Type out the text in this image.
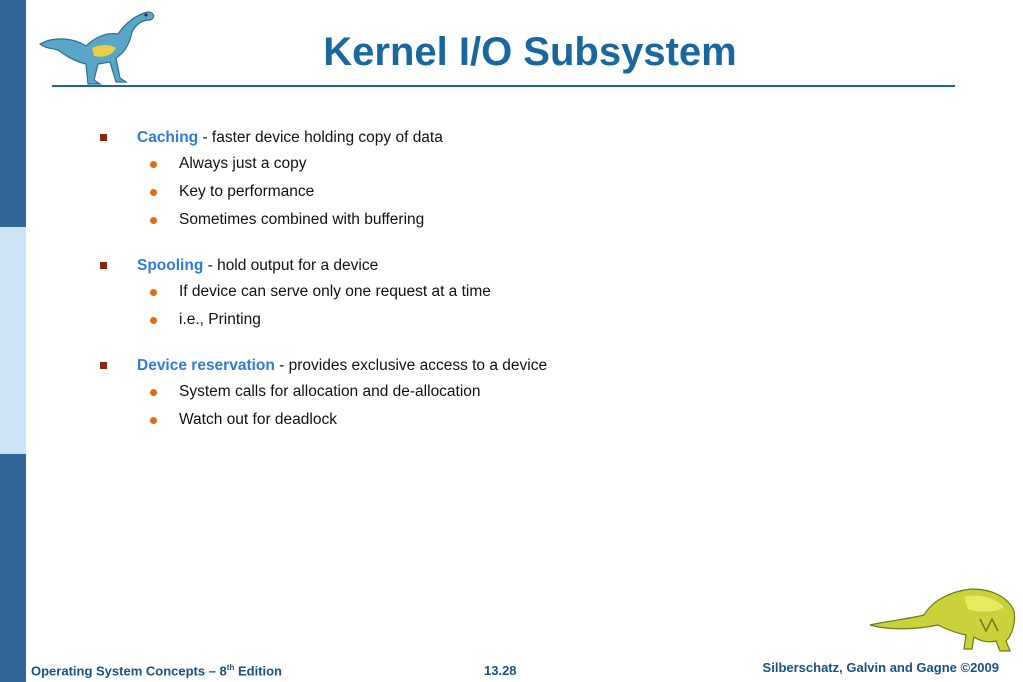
Kernel I/O Subsystem
Caching - faster device holding copy of data
Always just a copy
Key to performance
Sometimes combined with buffering
Spooling - hold output for a device
If device can serve only one request at a time
i.e., Printing
Device reservation - provides exclusive access to a device
System calls for allocation and de-allocation
Watch out for deadlock
Operating System Concepts – 8th Edition	13.28	Silberschatz, Galvin and Gagne ©2009
